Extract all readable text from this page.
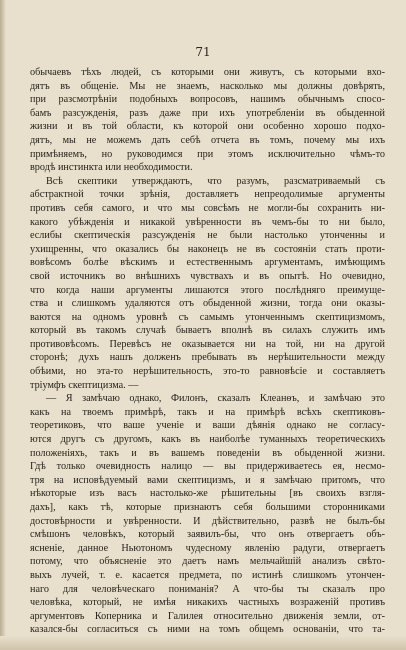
71
обычаевъ тѣхъ людей, съ которыми они живутъ, съ которыми вхо-
дятъ въ общеніе. Мы не знаемъ, насколько мы должны довѣрять,
при разсмотрѣніи подобныхъ вопросовъ, нашимъ обычнымъ спосо-
бамъ разсужденія, разъ даже при ихъ употребленіи въ обыденной
жизни и въ той области, къ которой они особенно хорошо подхо-
дятъ, мы не можемъ дать себѣ отчета въ томъ, почему мы ихъ
примѣняемъ, но руководимся при этомъ исключительно чѣмъ-то
вродѣ инстинкта или необходимости.
Всѣ скептики утверждаютъ, что разумъ, разсматриваемый съ
абстрактной точки зрѣнія, доставляетъ непреодолимые аргументы
противъ себя самого, и что мы совсѣмъ не могли-бы сохранить ни-
какого убѣжденія и никакой увѣренности въ чемъ-бы то ни было,
еслибы скептическія разсужденія не были настолько утонченны и
ухищренны, что оказались бы наконецъ не въ состояніи стать проти-
вовѣсомъ болѣе вѣскимъ и естественнымъ аргументамъ, имѣющимъ
свой источникъ во внѣшнихъ чувствахъ и въ опытѣ. Но очевидно,
что когда наши аргументы лишаются этого послѣдняго преимуще-
ства и слишкомъ удаляются отъ обыденной жизни, тогда они оказы-
ваются на одномъ уровнѣ съ самымъ утонченнымъ скептицизмомъ,
который въ такомъ случаѣ бываетъ вполнѣ въ силахъ служить имъ
противовѣсомъ. Перевѣсъ не оказывается ни на той, ни на другой
сторонѣ; духъ нашъ долженъ пребывать въ нерѣшительности между
обѣими, но эта-то нерѣшительность, это-то равновѣсіе и составляетъ
тріумфъ скептицизма. —
— Я замѣчаю однако, Филонъ, сказалъ Клеанѳъ, и замѣчаю это
какъ на твоемъ примѣрѣ, такъ и на примѣрѣ всѣхъ скептиковъ-
теоретиковъ, что ваше ученіе и ваши дѣянія однако не согласу-
ются другъ съ другомъ, какъ въ наиболѣе туманныхъ теоретическихъ
положеніяхъ, такъ и въ вашемъ поведеніи въ обыденной жизни.
Гдѣ только очевидность налицо — вы придерживаетесь ея, несмо-
тря на исповѣдуемый вами скептицизмъ, и я замѣчаю притомъ, что
нѣкоторые изъ васъ настолько-же рѣшительны [въ своихъ взгля-
дахъ], какъ тѣ, которые признаютъ себя большими сторонниками
достовѣрности и увѣренности. И дѣйствительно, развѣ не былъ-бы
смѣшонъ человѣкъ, который заявилъ-бы, что онъ отвергаетъ объ-
ясненіе, данное Ньютономъ чудесному явленію радуги, отвергаетъ
потому, что объясненіе это даетъ намъ мельчайшій анализъ свѣто-
выхъ лучей, т. е. касается предмета, по истинѣ слишкомъ утончен-
наго для человѣческаго пониманія? А что-бы ты сказалъ про
человѣка, который, не имѣя никакихъ частныхъ возраженій противъ
аргументовъ Коперника и Галилея относительно движенія земли, от-
казался-бы согласиться съ ними на томъ общемъ основаніи, что та-
